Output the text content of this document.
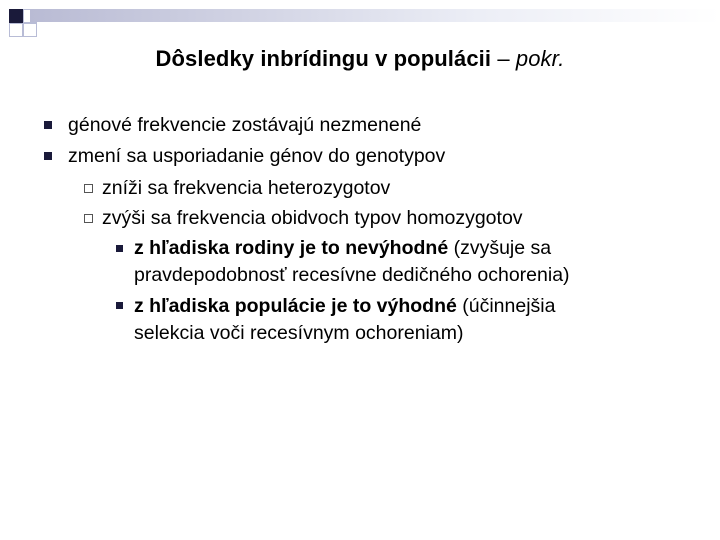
Dôsledky inbrídingu v populácii – pokr.
génové frekvencie zostávajú nezmenené
zmení sa usporiadanie génov do genotypov
zníži sa frekvencia heterozygotov
zvýši sa frekvencia obidvoch typov homozygotov
z hľadiska rodiny je to nevýhodné (zvyšuje sa
pravdepodobnosť recesívne dedičného ochorenia)
z hľadiska populácie je to výhodné (účinnejšia
selekcia voči recesívnym ochoreniam)
